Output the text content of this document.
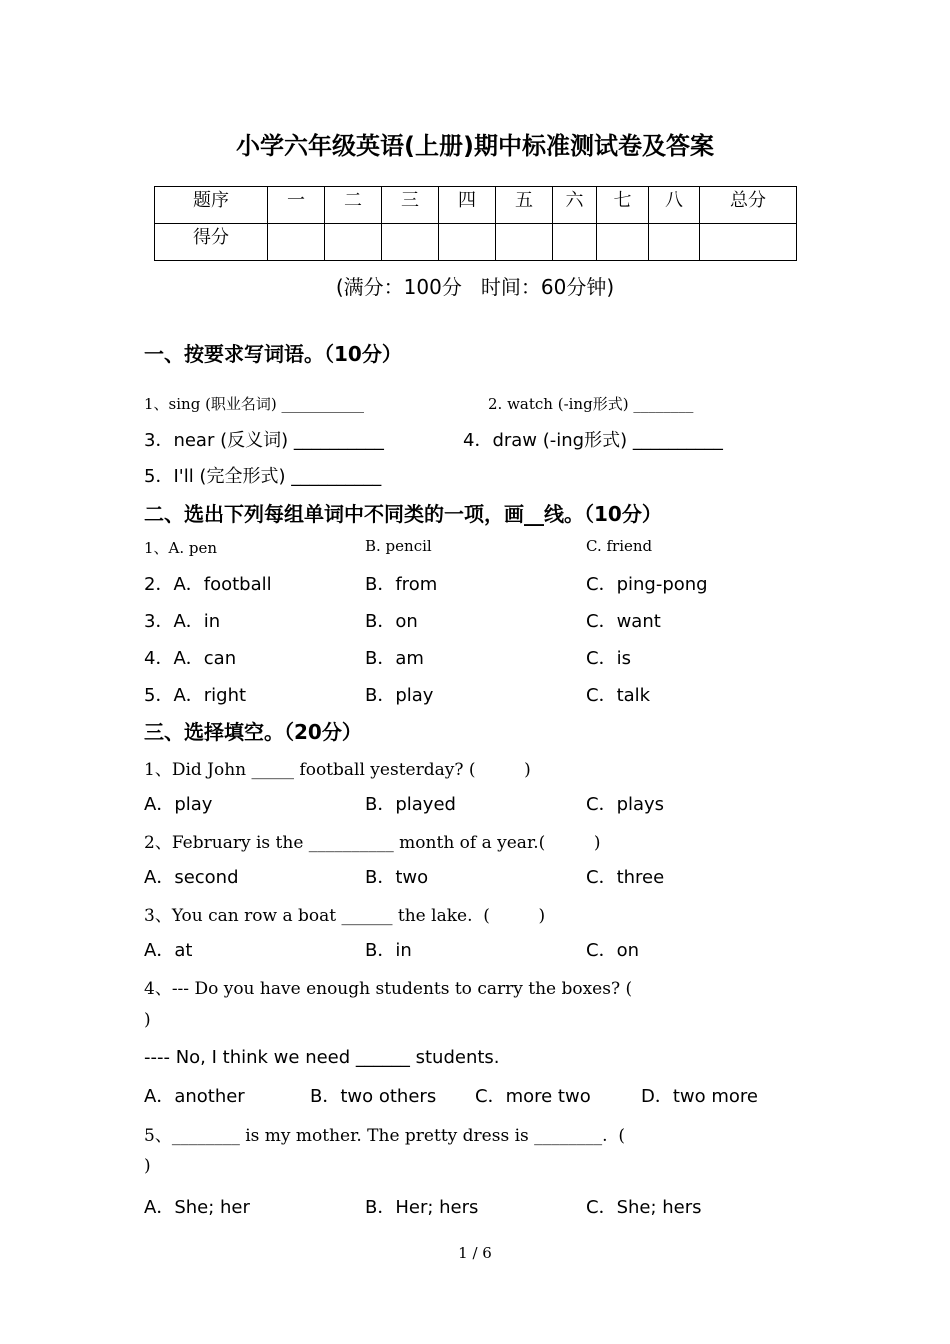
小学六年级英语(上册)期中标准测试卷及答案
题序	一	二	三	四	五	六	七	八	总分
得分									
(满分：100分   时间：60分钟)
一、按要求写词语。（10分）
1、sing (职业名词) ___________	2. watch (-ing形式) ________
3．near (反义词) __________	4．draw (-ing形式) __________
5．I'll (完全形式) __________
二、选出下列每组单词中不同类的一项，画__线。（10分）
1、A. pen	B. pencil	C. friend
2．A．football	B．from	C．ping-pong
3．A．in	B．on	C．want
4．A．can	B．am	C．is
5．A．right	B．play	C．talk
三、选择填空。（20分）
1、Did John _____ football yesterday? (         )
A．play	B．played	C．plays
2、February is the __________ month of a year.(         )
A．second	B．two	C．three
3、You can row a boat ______ the lake.  (         )
A．at	B．in	C．on
4、--- Do you have enough students to carry the boxes? (
)
---- No, I think we need ______ students.
A．another	B．two others C．more two	D．two more
5、________ is my mother. The pretty dress is ________.  (
)
A．She; her	B．Her; hers	C．She; hers
1 / 6
